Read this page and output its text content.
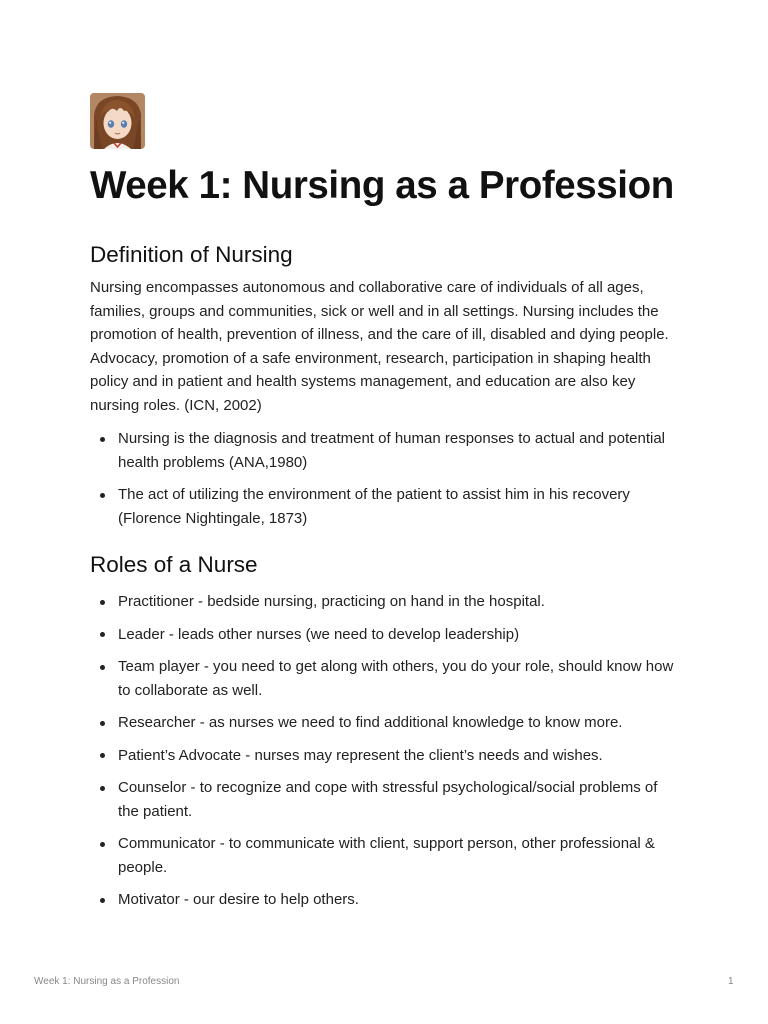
Week 1: Nursing as a Profession
Definition of Nursing

Nursing encompasses autonomous and collaborative care of individuals of all ages, families, groups and communities, sick or well and in all settings. Nursing includes the promotion of health, prevention of illness, and the care of ill, disabled and dying people. Advocacy, promotion of a safe environment, research, participation in shaping health policy and in patient and health systems management, and education are also key nursing roles. (ICN, 2002)

Nursing is the diagnosis and treatment of human responses to actual and potential health problems (ANA,1980)
The act of utilizing the environment of the patient to assist him in his recovery (Florence Nightingale, 1873)
Roles of a Nurse
Practitioner - bedside nursing, practicing on hand in the hospital.
Leader - leads other nurses (we need to develop leadership)
Team player - you need to get along with others, you do your role, should know how to collaborate as well.
Researcher - as nurses we need to find additional knowledge to know more.
Patient’s Advocate - nurses may represent the client’s needs and wishes.
Counselor - to recognize and cope with stressful psychological/social problems of the patient.
Communicator - to communicate with client, support person, other professional & people.
Motivator - our desire to help others.
Week 1: Nursing as a Profession	1
